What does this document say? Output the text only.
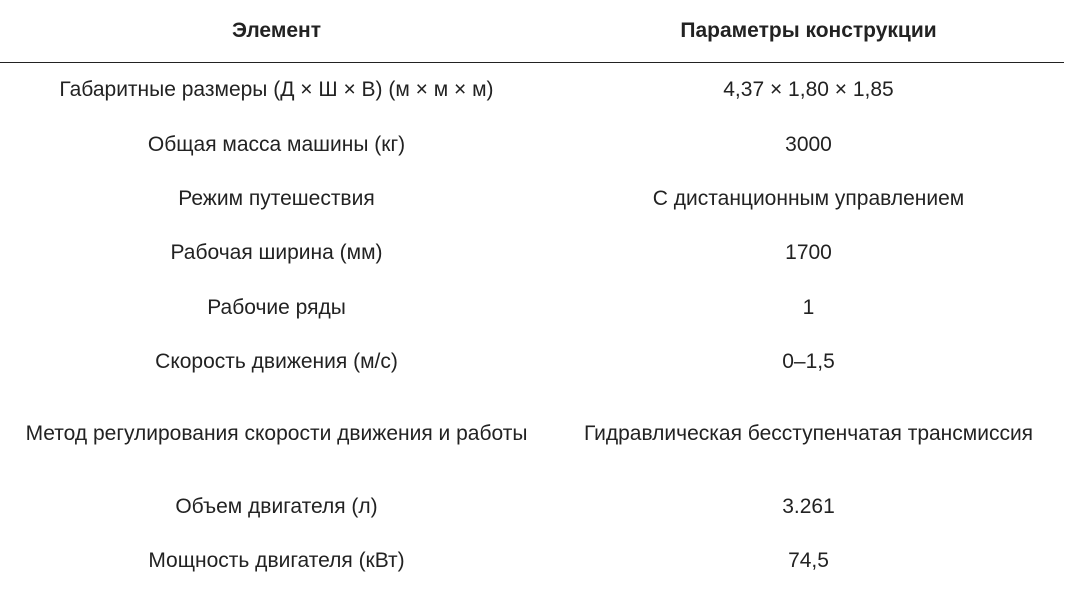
Элемент	Параметры конструкции
Габаритные размеры (Д × Ш × В) (м × м × м)	4,37 × 1,80 × 1,85
Общая масса машины (кг)	3000
Режим путешествия	С дистанционным управлением
Рабочая ширина (мм)	1700
Рабочие ряды	1
Скорость движения (м/с)	0–1,5
Метод регулирования скорости движения и работы	Гидравлическая бесступенчатая трансмиссия
Объем двигателя (л)	3.261
Мощность двигателя (кВт)	74,5
